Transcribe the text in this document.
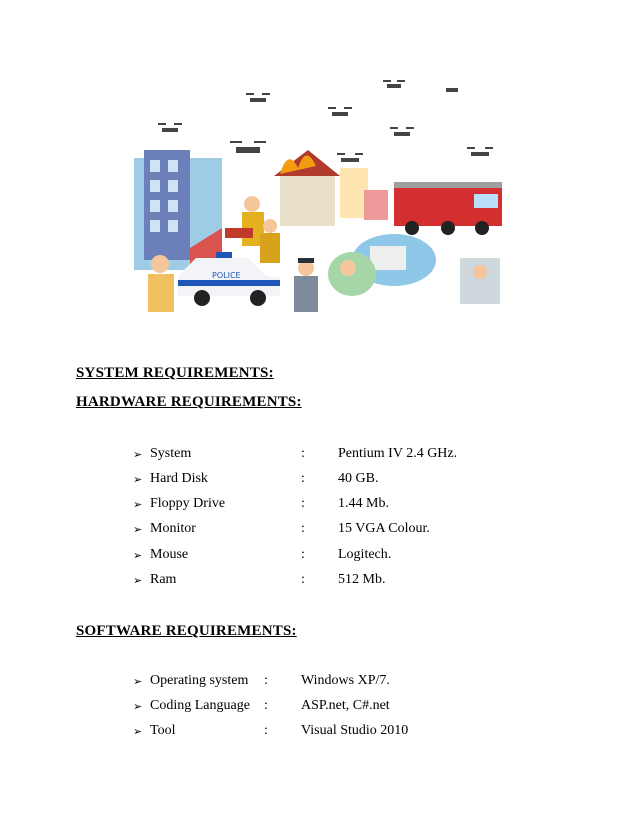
POLICE
SYSTEM REQUIREMENTS:
HARDWARE REQUIREMENTS:
➢ System	: Pentium IV 2.4 GHz.
➢ Hard Disk	: 40 GB.
➢ Floppy Drive	: 1.44 Mb.
➢ Monitor	: 15 VGA Colour.
➢ Mouse	: Logitech.
➢ Ram	: 512 Mb.
SOFTWARE REQUIREMENTS:
➢ Operating system : Windows XP/7.
➢ Coding Language : ASP.net, C#.net
➢ Tool	: Visual Studio 2010
